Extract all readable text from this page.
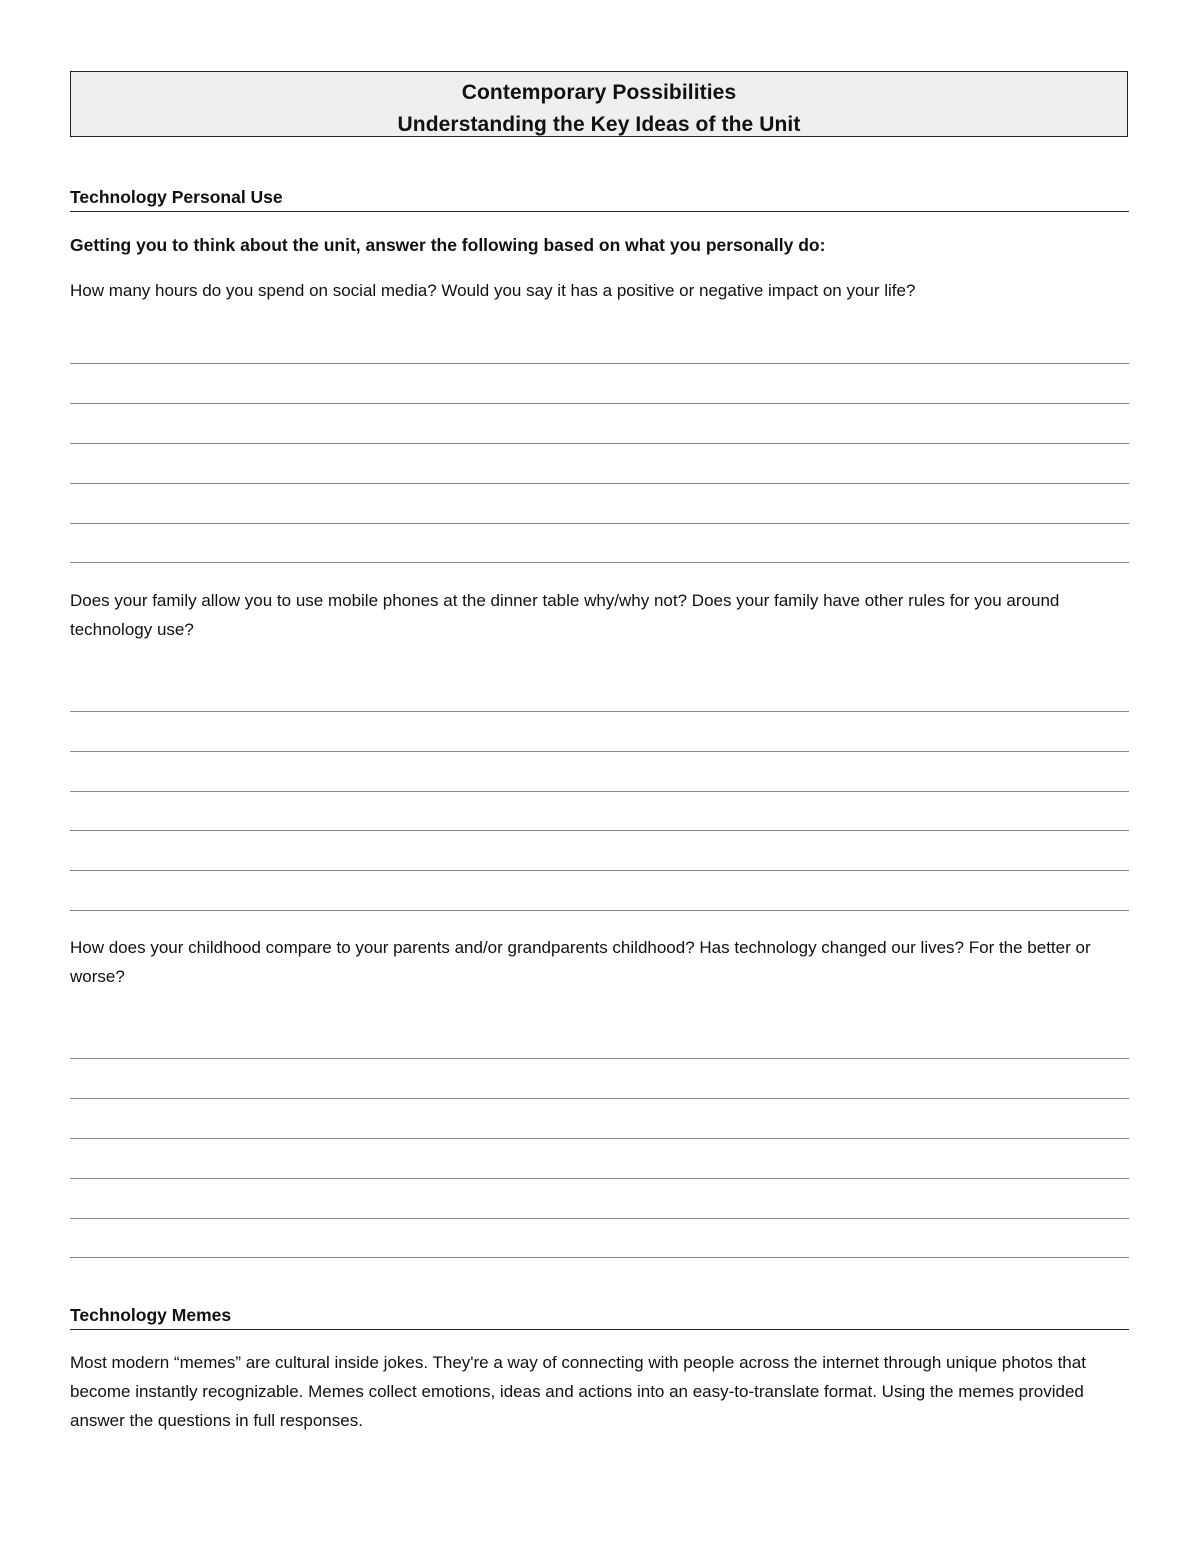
Contemporary Possibilities
Understanding the Key Ideas of the Unit
Technology Personal Use
Getting you to think about the unit, answer the following based on what you personally do:
How many hours do you spend on social media? Would you say it has a positive or negative impact on your life?
Does your family allow you to use mobile phones at the dinner table why/why not? Does your family have other rules for you around technology use?
How does your childhood compare to your parents and/or grandparents childhood? Has technology changed our lives? For the better or worse?
Technology Memes
Most modern “memes” are cultural inside jokes. They're a way of connecting with people across the internet through unique photos that become instantly recognizable. Memes collect emotions, ideas and actions into an easy-to-translate format. Using the memes provided answer the questions in full responses.
